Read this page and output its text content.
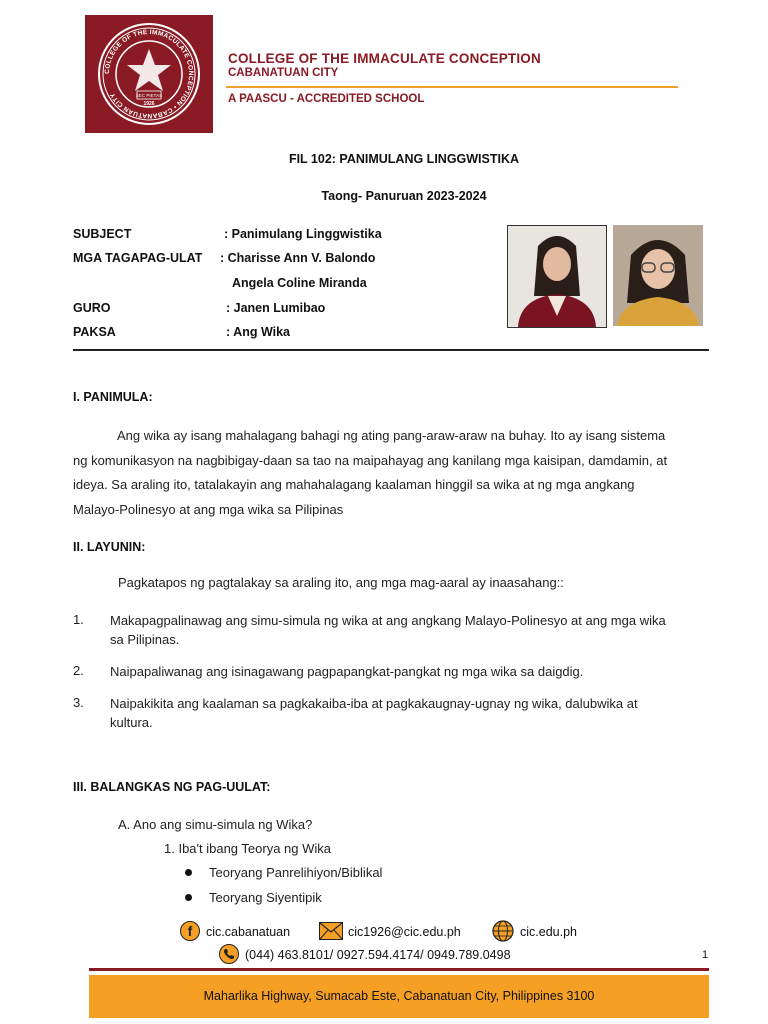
COLLEGE OF THE IMMACULATE CONCEPTION • CABANATUAN CITY	SEC PIETAS
1926
COLLEGE OF THE IMMACULATE CONCEPTION
CABANATUAN CITY
A PAASCU - ACCREDITED SCHOOL
FIL 102: PANIMULANG LINGGWISTIKA
Taong- Panuruan 2023-2024
SUBJECT	: Panimulang Linggwistika
MGA TAGAPAG-ULAT : Charisse Ann V. Balondo
Angela Coline Miranda
GURO	: Janen Lumibao
PAKSA	: Ang Wika
I. PANIMULA:
Ang wika ay isang mahalagang bahagi ng ating pang-araw-araw na buhay. Ito ay isang sistema
ng komunikasyon na nagbibigay-daan sa tao na maipahayag ang kanilang mga kaisipan, damdamin, at
ideya. Sa araling ito, tatalakayin ang mahahalagang kaalaman hinggil sa wika at ng mga angkang
Malayo-Polinesyo at ang mga wika sa Pilipinas
II. LAYUNIN:
Pagkatapos ng pagtalakay sa araling ito, ang mga mag-aaral ay inaasahang::
1. Makapagpalinawag ang simu-simula ng wika at ang angkang Malayo-Polinesyo at ang mga wika
sa Pilipinas.
2. Naipapaliwanag ang isinagawang pagpapangkat-pangkat ng mga wika sa daigdig.
3. Naipakikita ang kaalaman sa pagkakaiba-iba at pagkakaugnay-ugnay ng wika, dalubwika at
kultura.
III. BALANGKAS NG PAG-UULAT:
A. Ano ang simu-simula ng Wika?
1. Iba't ibang Teorya ng Wika
Teoryang Panrelihiyon/Biblikal
Teoryang Siyentipik
f cic.cabanatuan	cic1926@cic.edu.ph	cic.edu.ph
(044) 463.8101/ 0927.594.4174/ 0949.789.0498	1
Maharlika Highway, Sumacab Este, Cabanatuan City, Philippines 3100
